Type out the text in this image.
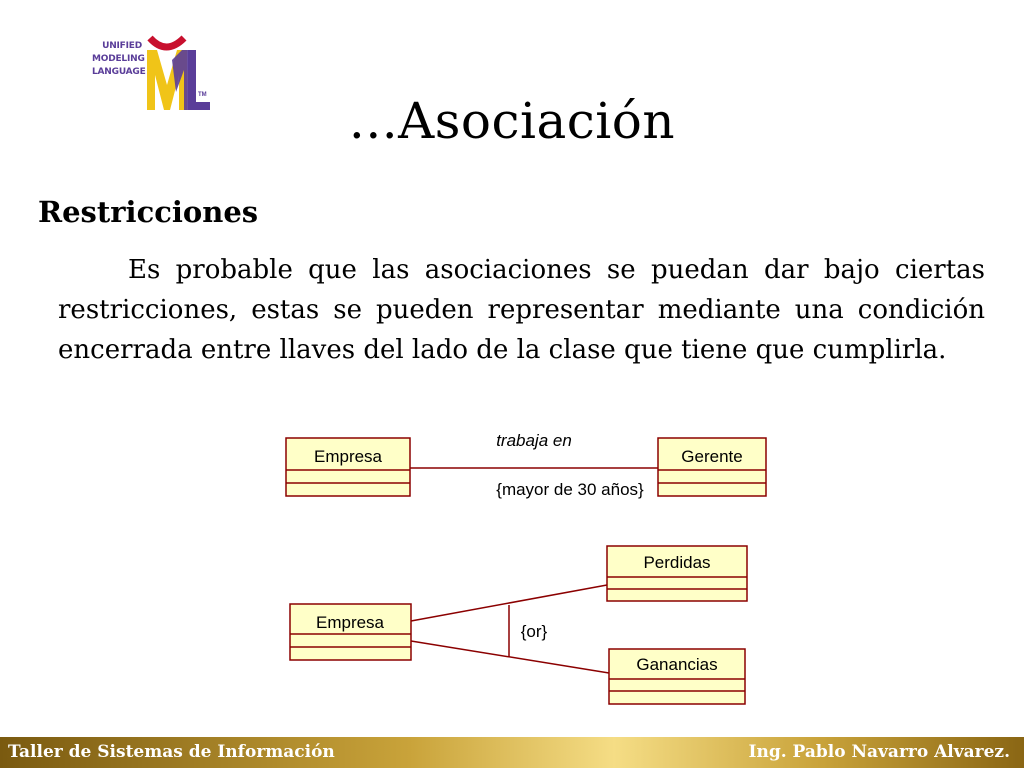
UNIFIED
MODELING
LANGUAGE
TM	...Asociación
Restricciones
Es probable que las asociaciones se puedan dar bajo ciertas restricciones, estas se pueden representar mediante una condición encerrada entre llaves del lado de la clase que tiene que cumplirla.
Empresa	Gerente
trabaja en
{mayor de 30 años}
Empresa
Perdidas
Ganancias
{or}
Taller de Sistemas de Información	Ing. Pablo Navarro Alvarez.
